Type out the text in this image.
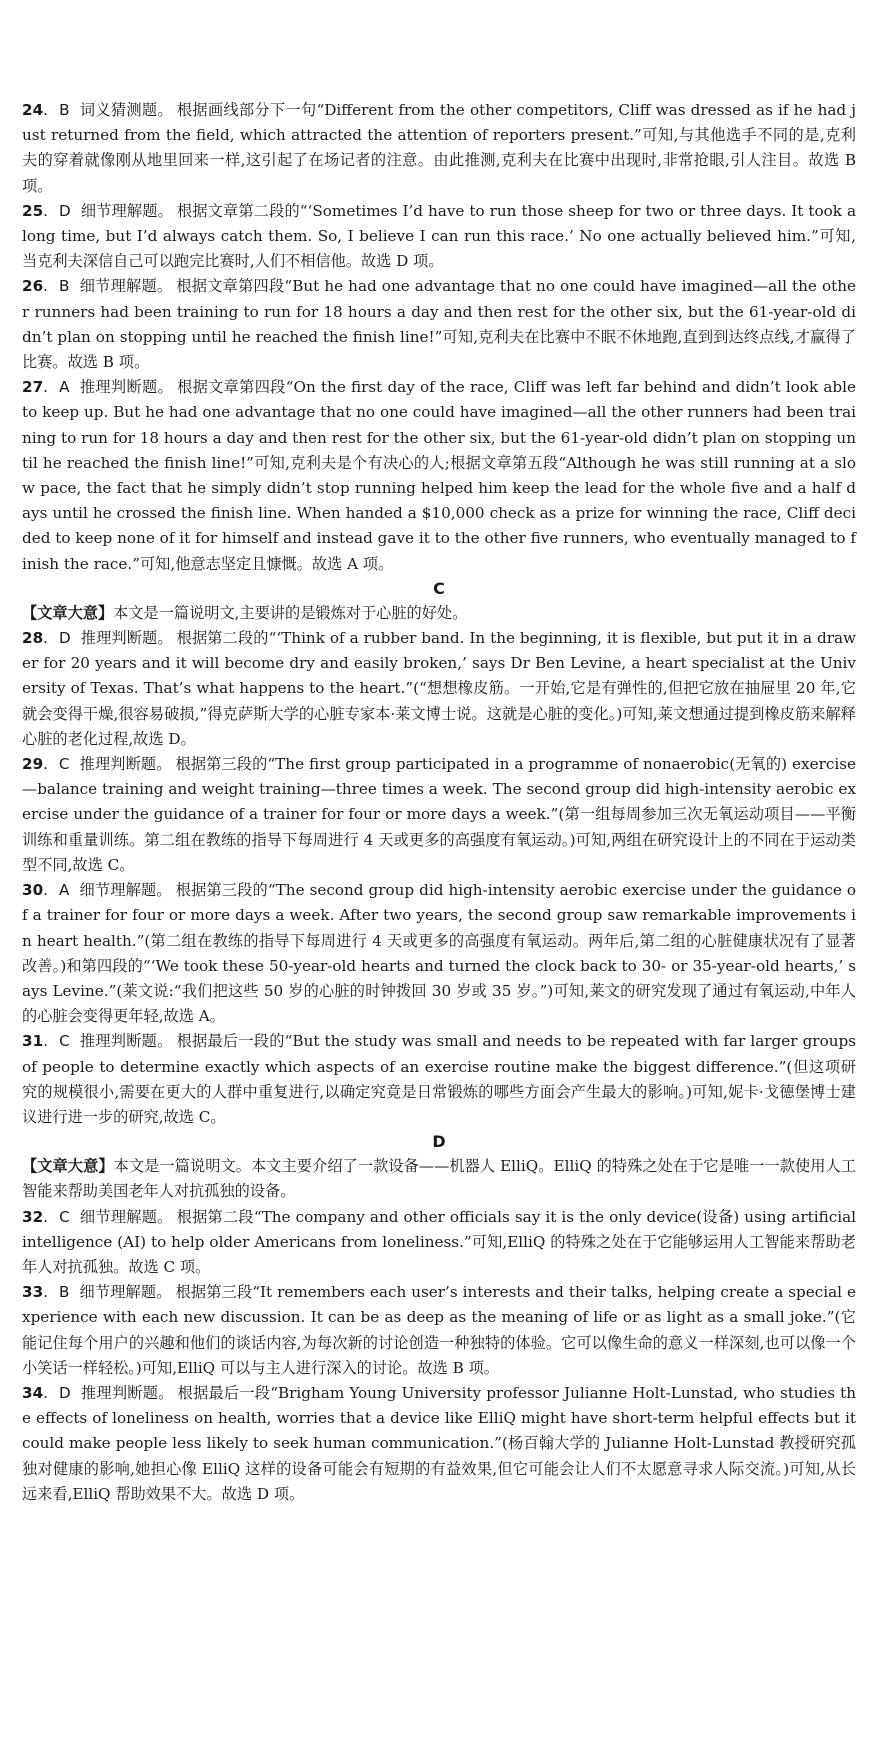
24. B 词义猜测题。 根据画线部分下一句“Different from the other competitors, Cliff was dressed as if he had just returned from the field, which attracted the attention of reporters present.”可知,与其他选手不同的是,克利夫的穿着就像刚从地里回来一样,这引起了在场记者的注意。由此推测,克利夫在比赛中出现时,非常抢眼,引人注目。故选 B 项。

25. D 细节理解题。 根据文章第二段的“‘Sometimes I’d have to run those sheep for two or three days. It took a long time, but I’d always catch them. So, I believe I can run this race.’ No one actually believed him.”可知,当克利夫深信自己可以跑完比赛时,人们不相信他。故选 D 项。

26. B 细节理解题。 根据文章第四段“But he had one advantage that no one could have imagined—all the other runners had been training to run for 18 hours a day and then rest for the other six, but the 61-year-old didn’t plan on stopping until he reached the finish line!”可知,克利夫在比赛中不眠不休地跑,直到到达终点线,才赢得了比赛。故选 B 项。

27. A 推理判断题。 根据文章第四段“On the first day of the race, Cliff was left far behind and didn’t look able to keep up. But he had one advantage that no one could have imagined—all the other runners had been training to run for 18 hours a day and then rest for the other six, but the 61-year-old didn’t plan on stopping until he reached the finish line!”可知,克利夫是个有决心的人;根据文章第五段“Although he was still running at a slow pace, the fact that he simply didn’t stop running helped him keep the lead for the whole five and a half days until he crossed the finish line. When handed a $10,000 check as a prize for winning the race, Cliff decided to keep none of it for himself and instead gave it to the other five runners, who eventually managed to finish the race.”可知,他意志坚定且慷慨。故选 A 项。

C

【文章大意】本文是一篇说明文,主要讲的是锻炼对于心脏的好处。

28. D 推理判断题。 根据第二段的“‘Think of a rubber band. In the beginning, it is flexible, but put it in a drawer for 20 years and it will become dry and easily broken,’ says Dr Ben Levine, a heart specialist at the University of Texas. That’s what happens to the heart.”(“想想橡皮筋。一开始,它是有弹性的,但把它放在抽屉里 20 年,它就会变得干燥,很容易破损,”得克萨斯大学的心脏专家本·莱文博士说。这就是心脏的变化。)可知,莱文想通过提到橡皮筋来解释心脏的老化过程,故选 D。

29. C 推理判断题。 根据第三段的“The first group participated in a programme of nonaerobic(无氧的) exercise—balance training and weight training—three times a week. The second group did high-intensity aerobic exercise under the guidance of a trainer for four or more days a week.”(第一组每周参加三次无氧运动项目——平衡训练和重量训练。第二组在教练的指导下每周进行 4 天或更多的高强度有氧运动。)可知,两组在研究设计上的不同在于运动类型不同,故选 C。

30. A 细节理解题。 根据第三段的“The second group did high-intensity aerobic exercise under the guidance of a trainer for four or more days a week. After two years, the second group saw remarkable improvements in heart health.”(第二组在教练的指导下每周进行 4 天或更多的高强度有氧运动。两年后,第二组的心脏健康状况有了显著改善。)和第四段的“‘We took these 50-year-old hearts and turned the clock back to 30- or 35-year-old hearts,’ says Levine.”(莱文说:“我们把这些 50 岁的心脏的时钟拨回 30 岁或 35 岁。”)可知,莱文的研究发现了通过有氧运动,中年人的心脏会变得更年轻,故选 A。

31. C 推理判断题。 根据最后一段的“But the study was small and needs to be repeated with far larger groups of people to determine exactly which aspects of an exercise routine make the biggest difference.”(但这项研究的规模很小,需要在更大的人群中重复进行,以确定究竟是日常锻炼的哪些方面会产生最大的影响。)可知,妮卡·戈德堡博士建议进行进一步的研究,故选 C。

D

【文章大意】本文是一篇说明文。本文主要介绍了一款设备——机器人 ElliQ。ElliQ 的特殊之处在于它是唯一一款使用人工智能来帮助美国老年人对抗孤独的设备。

32. C 细节理解题。 根据第二段“The company and other officials say it is the only device(设备) using artificial intelligence (AI) to help older Americans from loneliness.”可知,ElliQ 的特殊之处在于它能够运用人工智能来帮助老年人对抗孤独。故选 C 项。

33. B 细节理解题。 根据第三段“It remembers each user’s interests and their talks, helping create a special experience with each new discussion. It can be as deep as the meaning of life or as light as a small joke.”(它能记住每个用户的兴趣和他们的谈话内容,为每次新的讨论创造一种独特的体验。它可以像生命的意义一样深刻,也可以像一个小笑话一样轻松。)可知,ElliQ 可以与主人进行深入的讨论。故选 B 项。

34. D 推理判断题。 根据最后一段“Brigham Young University professor Julianne Holt-Lunstad, who studies the effects of loneliness on health, worries that a device like ElliQ might have short-term helpful effects but it could make people less likely to seek human communication.”(杨百翰大学的 Julianne Holt-Lunstad 教授研究孤独对健康的影响,她担心像 ElliQ 这样的设备可能会有短期的有益效果,但它可能会让人们不太愿意寻求人际交流。)可知,从长远来看,ElliQ 帮助效果不大。故选 D 项。
